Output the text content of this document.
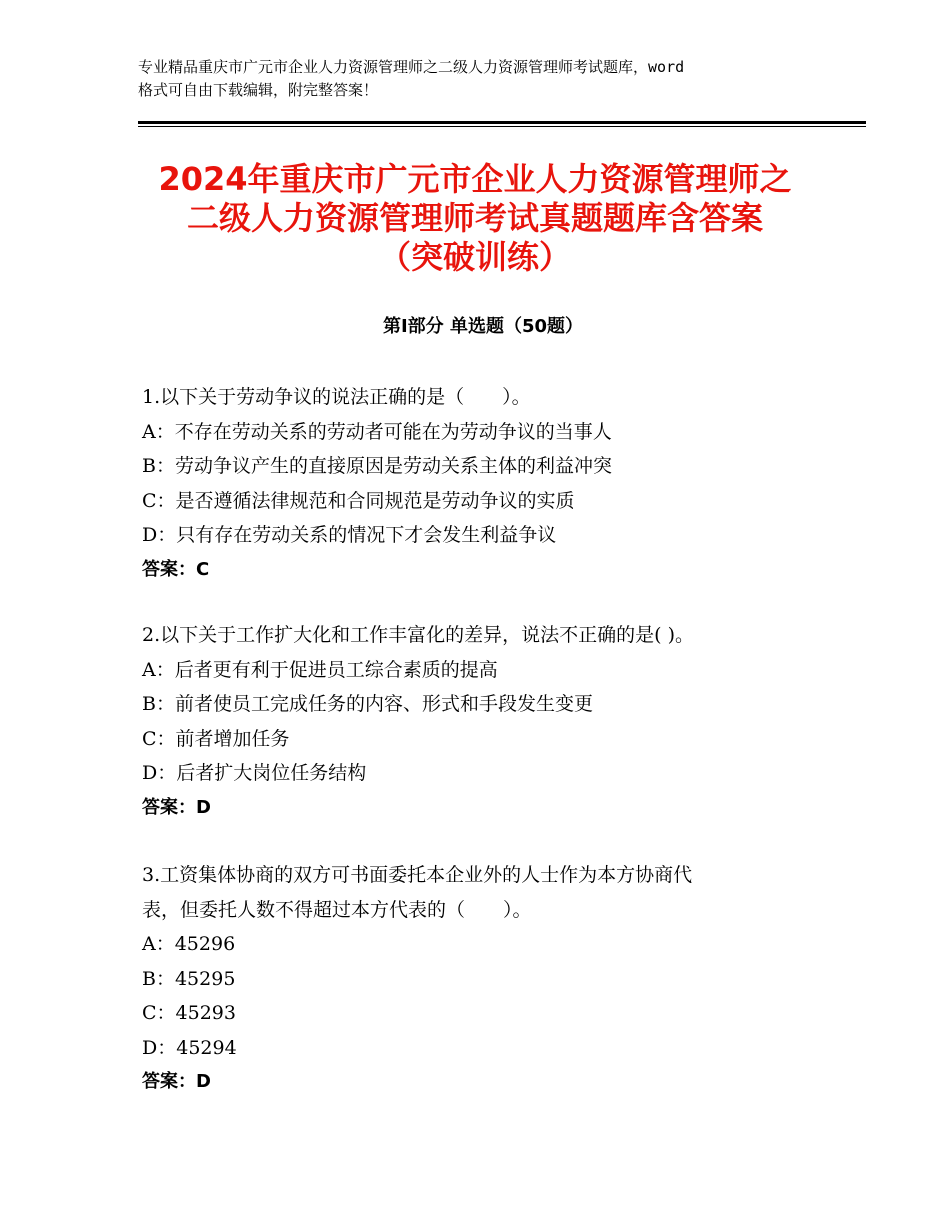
专业精品重庆市广元市企业人力资源管理师之二级人力资源管理师考试题库，word
格式可自由下载编辑，附完整答案！
2024年重庆市广元市企业人力资源管理师之
二级人力资源管理师考试真题题库含答案
（突破训练）
第Ⅰ部分 单选题（50题）
1.以下关于劳动争议的说法正确的是（　　）。
A：不存在劳动关系的劳动者可能在为劳动争议的当事人
B：劳动争议产生的直接原因是劳动关系主体的利益冲突
C：是否遵循法律规范和合同规范是劳动争议的实质
D：只有存在劳动关系的情况下才会发生利益争议
答案：C
2.以下关于工作扩大化和工作丰富化的差异，说法不正确的是( )。
A：后者更有利于促进员工综合素质的提高
B：前者使员工完成任务的内容、形式和手段发生变更
C：前者增加任务
D：后者扩大岗位任务结构
答案：D
3.工资集体协商的双方可书面委托本企业外的人士作为本方协商代
表，但委托人数不得超过本方代表的（　　）。
A：45296
B：45295
C：45293
D：45294
答案：D
